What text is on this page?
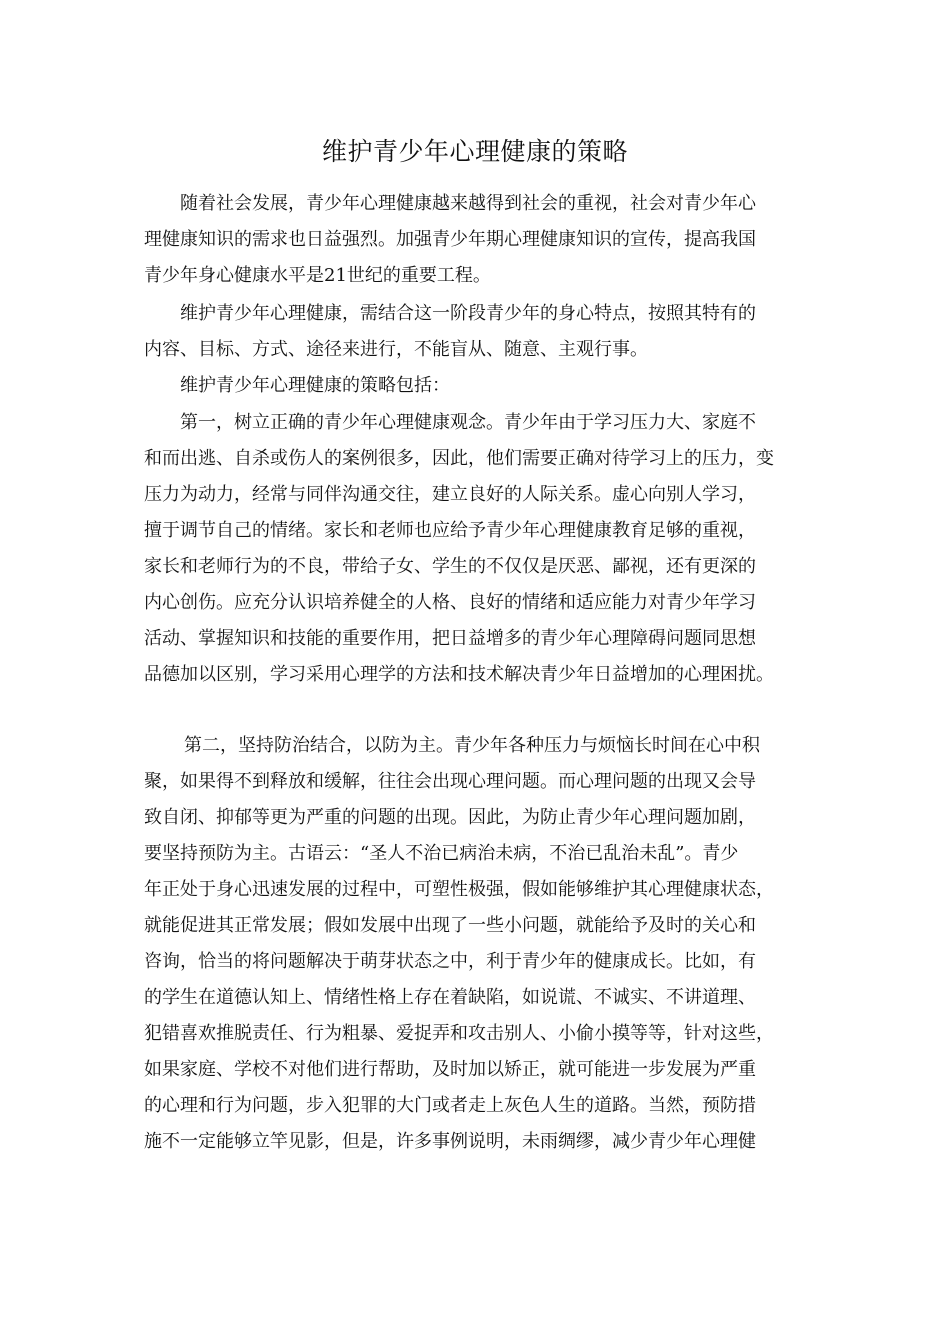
维护青少年心理健康的策略
随着社会发展，青少年心理健康越来越得到社会的重视，社会对青少年心
理健康知识的需求也日益强烈。加强青少年期心理健康知识的宣传，提高我国
青少年身心健康水平是21世纪的重要工程。
维护青少年心理健康，需结合这一阶段青少年的身心特点，按照其特有的
内容、目标、方式、途径来进行，不能盲从、随意、主观行事。
维护青少年心理健康的策略包括：
第一，树立正确的青少年心理健康观念。青少年由于学习压力大、家庭不
和而出逃、自杀或伤人的案例很多，因此，他们需要正确对待学习上的压力，变
压力为动力，经常与同伴沟通交往，建立良好的人际关系。虚心向别人学习，
擅于调节自己的情绪。家长和老师也应给予青少年心理健康教育足够的重视，
家长和老师行为的不良，带给子女、学生的不仅仅是厌恶、鄙视，还有更深的
内心创伤。应充分认识培养健全的人格、良好的情绪和适应能力对青少年学习
活动、掌握知识和技能的重要作用，把日益增多的青少年心理障碍问题同思想
品德加以区别，学习采用心理学的方法和技术解决青少年日益增加的心理困扰。
第二，坚持防治结合，以防为主。青少年各种压力与烦恼长时间在心中积
聚，如果得不到释放和缓解，往往会出现心理问题。而心理问题的出现又会导
致自闭、抑郁等更为严重的问题的出现。因此，为防止青少年心理问题加剧，
要坚持预防为主。古语云：“圣人不治已病治未病，不治已乱治未乱”。青少
年正处于身心迅速发展的过程中，可塑性极强，假如能够维护其心理健康状态，
就能促进其正常发展；假如发展中出现了一些小问题，就能给予及时的关心和
咨询，恰当的将问题解决于萌芽状态之中，利于青少年的健康成长。比如，有
的学生在道德认知上、情绪性格上存在着缺陷，如说谎、不诚实、不讲道理、
犯错喜欢推脱责任、行为粗暴、爱捉弄和攻击别人、小偷小摸等等，针对这些，
如果家庭、学校不对他们进行帮助，及时加以矫正，就可能进一步发展为严重
的心理和行为问题，步入犯罪的大门或者走上灰色人生的道路。当然，预防措
施不一定能够立竿见影，但是，许多事例说明，未雨绸缪，减少青少年心理健
